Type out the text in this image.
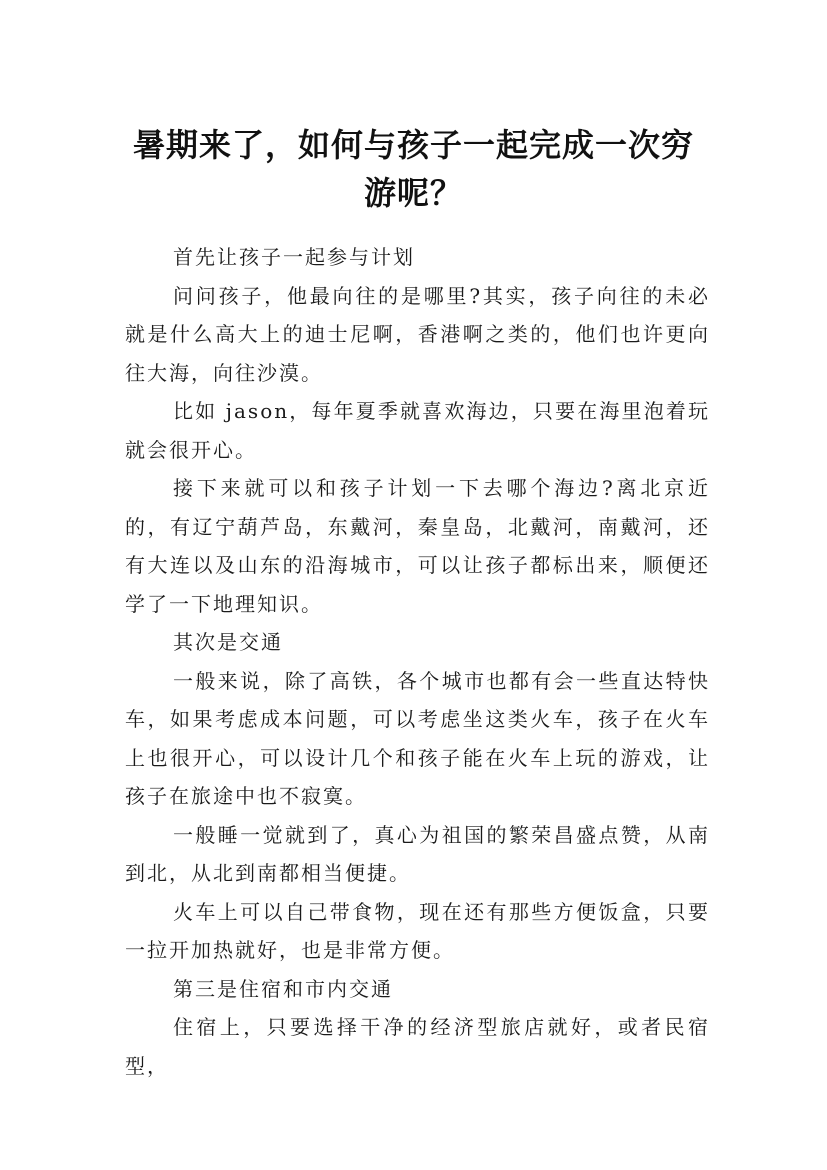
暑期来了，如何与孩子一起完成一次穷游呢？

首先让孩子一起参与计划

问问孩子，他最向往的是哪里?其实，孩子向往的未必就是什么高大上的迪士尼啊，香港啊之类的，他们也许更向往大海，向往沙漠。

比如 jason，每年夏季就喜欢海边，只要在海里泡着玩就会很开心。

接下来就可以和孩子计划一下去哪个海边?离北京近的，有辽宁葫芦岛，东戴河，秦皇岛，北戴河，南戴河，还有大连以及山东的沿海城市，可以让孩子都标出来，顺便还学了一下地理知识。

其次是交通

一般来说，除了高铁，各个城市也都有会一些直达特快车，如果考虑成本问题，可以考虑坐这类火车，孩子在火车上也很开心，可以设计几个和孩子能在火车上玩的游戏，让孩子在旅途中也不寂寞。

一般睡一觉就到了，真心为祖国的繁荣昌盛点赞，从南到北，从北到南都相当便捷。

火车上可以自己带食物，现在还有那些方便饭盒，只要一拉开加热就好，也是非常方便。

第三是住宿和市内交通

住宿上，只要选择干净的经济型旅店就好，或者民宿型，
